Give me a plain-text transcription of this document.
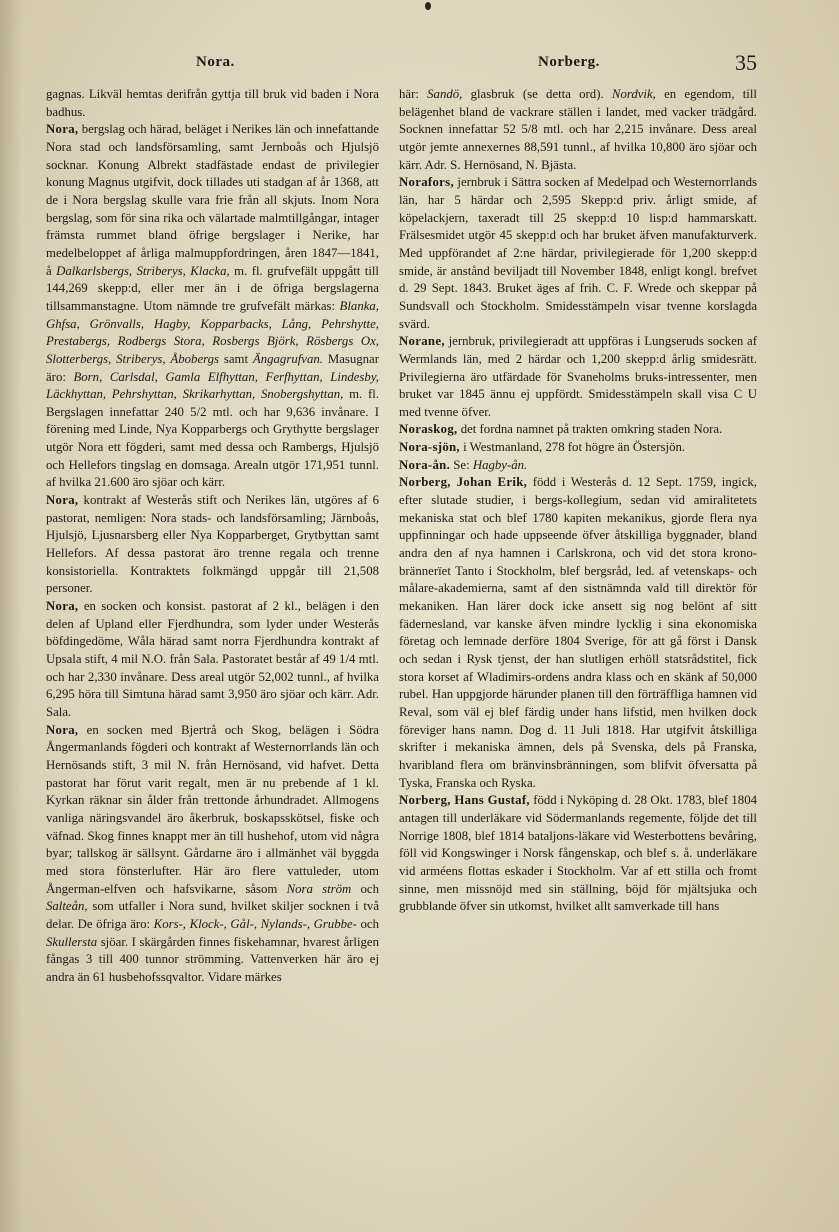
Nora.	Norberg.	35

gagnas. Likväl hemtas derifrån gyttja till bruk vid baden i Nora badhus.

Nora, bergslag och härad, beläget i Nerikes län och innefattande Nora stad och landsförsamling, samt Jernboås och Hjulsjö socknar. Konung Albrekt stadfästade endast de privilegier konung Magnus utgifvit, dock tillades uti stadgan af år 1368, att de i Nora bergslag skulle vara frie från all skjuts. Inom Nora bergslag, som för sina rika och välartade malmtillgångar, intager främsta rummet bland öfrige bergslager i Nerike, har medelbeloppet af årliga malmuppfordringen, åren 1847—1841, å Dalkarlsbergs, Striberys, Klacka, m. fl. grufvefält uppgått till 144,269 skepp:d, eller mer än i de öfriga bergslagerna tillsammanstagne. Utom nämnde tre grufvefält märkas: Blanka, Ghfsa, Grönvalls, Hagby, Kopparbacks, Lång, Pehrshytte, Prestabergs, Rodbergs Stora, Rosbergs Björk, Rösbergs Ox, Slotterbergs, Striberys, Åbobergs samt Ängagrufvan. Masugnar äro: Born, Carlsdal, Gamla Elfhyttan, Ferfhyttan, Lindesby, Läckhyttan, Pehrshyttan, Skrikarhyttan, Snobergshyttan, m. fl. Bergslagen innefattar 240 5/2 mtl. och har 9,636 invånare. I förening med Linde, Nya Kopparbergs och Grythytte bergslager utgör Nora ett fögderi, samt med dessa och Rambergs, Hjulsjö och Hellefors tingslag en domsaga. Arealn utgör 171,951 tunnl. af hvilka 21.600 äro sjöar och kärr.

Nora, kontrakt af Westerås stift och Nerikes län, utgöres af 6 pastorat, nemligen: Nora stads- och landsförsamling; Järnboås, Hjulsjö, Ljusnarsberg eller Nya Kopparberget, Grytbyttan samt Hellefors. Af dessa pastorat äro trenne regala och trenne konsistoriella. Kontraktets folkmängd uppgår till 21,508 personer.

Nora, en socken och konsist. pastorat af 2 kl., belägen i den delen af Upland eller Fjerdhundra, som lyder under Westerås böfdingedöme, Wåla härad samt norra Fjerdhundra kontrakt af Upsala stift, 4 mil N.O. från Sala. Pastoratet består af 49 1/4 mtl. och har 2,330 invånare. Dess areal utgör 52,002 tunnl., af hvilka 6,295 höra till Simtuna härad samt 3,950 äro sjöar och kärr. Adr. Sala.

Nora, en socken med Bjertrå och Skog, belägen i Södra Ångermanlands fögderi och kontrakt af Westernorrlands län och Hernösands stift, 3 mil N. från Hernösand, vid hafvet. Detta pastorat har förut varit regalt, men är nu prebende af 1 kl. Kyrkan räknar sin ålder från trettonde århundradet. Allmogens vanliga näringsvandel äro åkerbruk, boskapsskötsel, fiske och väfnad. Skog finnes knappt mer än till hushehof, utom vid några byar; tallskog är sällsynt. Gårdarne äro i allmänhet väl byggda med stora fönsterlufter. Här äro flere vattuleder, utom Ångerman-elfven och hafsvikarne, såsom Nora ström och Salteån, som utfaller i Nora sund, hvilket skiljer socknen i två delar. De öfriga äro: Kors-, Klock-, Gål-, Nylands-, Grubbe- och Skullersta sjöar. I skärgården finnes fiskehamnar, hvarest årligen fångas 3 till 400 tunnor strömming. Vattenverken här äro ej andra än 61 husbehofssqvaltor. Vidare märkes

här: Sandö, glasbruk (se detta ord). Nordvik, en egendom, till belägenhet bland de vackrare ställen i landet, med vacker trädgård. Socknen innefattar 52 5/8 mtl. och har 2,215 invånare. Dess areal utgör jemte annexernes 88,591 tunnl., af hvilka 10,800 äro sjöar och kärr. Adr. S. Hernösand, N. Bjästa.

Norafors, jernbruk i Sättra socken af Medelpad och Westernorrlands län, har 5 härdar och 2,595 Skepp:d priv. årligt smide, af köpelackjern, taxeradt till 25 skepp:d 10 lisp:d hammarskatt. Frälsesmidet utgör 45 skepp:d och har bruket äfven manufakturverk. Med uppförandet af 2:ne härdar, privilegierade för 1,200 skepp:d smide, är anstånd beviljadt till November 1848, enligt kongl. brefvet d. 29 Sept. 1843. Bruket äges af frih. C. F. Wrede och skeppar på Sundsvall och Stockholm. Smidesstämpeln visar tvenne korslagda svärd.

Norane, jernbruk, privilegieradt att uppföras i Lungseruds socken af Wermlands län, med 2 härdar och 1,200 skepp:d årlig smidesrätt. Privilegierna äro utfärdade för Svaneholms bruks-intressenter, men bruket var 1845 ännu ej uppfördt. Smidesstämpeln skall visa C U med tvenne öfver.

Noraskog, det fordna namnet på trakten omkring staden Nora.

Nora-sjön, i Westmanland, 278 fot högre än Östersjön.

Nora-ån. Se: Hagby-ån.

Norberg, Johan Erik, född i Westerås d. 12 Sept. 1759, ingick, efter slutade studier, i bergs-kollegium, sedan vid amiralitetets mekaniska stat och blef 1780 kapiten mekanikus, gjorde flera nya uppfinningar och hade uppseende öfver åtskilliga byggnader, bland andra den af nya hamnen i Carlskrona, och vid det stora krono-brännerïet Tanto i Stockholm, blef bergsråd, led. af vetenskaps- och målare-akademierna, samt af den sistnämnda vald till direktör för mekaniken. Han lärer dock icke ansett sig nog belönt af sitt fädernesland, var kanske äfven mindre lycklig i sina ekonomiska företag och lemnade derföre 1804 Sverige, för att gå först i Dansk och sedan i Rysk tjenst, der han slutligen erhöll statsrådstitel, fick stora korset af Wladimirs-ordens andra klass och en skänk af 50,000 rubel. Han uppgjorde härunder planen till den förträffliga hamnen vid Reval, som väl ej blef färdig under hans lifstid, men hvilken dock föreviger hans namn. Dog d. 11 Juli 1818. Har utgifvit åtskilliga skrifter i mekaniska ämnen, dels på Svenska, dels på Franska, hvaribland flera om bränvinsbränningen, som blifvit öfversatta på Tyska, Franska och Ryska.

Norberg, Hans Gustaf, född i Nyköping d. 28 Okt. 1783, blef 1804 antagen till underläkare vid Södermanlands regemente, följde det till Norrige 1808, blef 1814 bataljons-läkare vid Westerbottens bevåring, föll vid Kongswinger i Norsk fångenskap, och blef s. å. underläkare vid arméens flottas eskader i Stockholm. Var af ett stilla och fromt sinne, men missnöjd med sin ställning, böjd för mjältsjuka och grubblande öfver sin utkomst, hvilket allt samverkade till hans
